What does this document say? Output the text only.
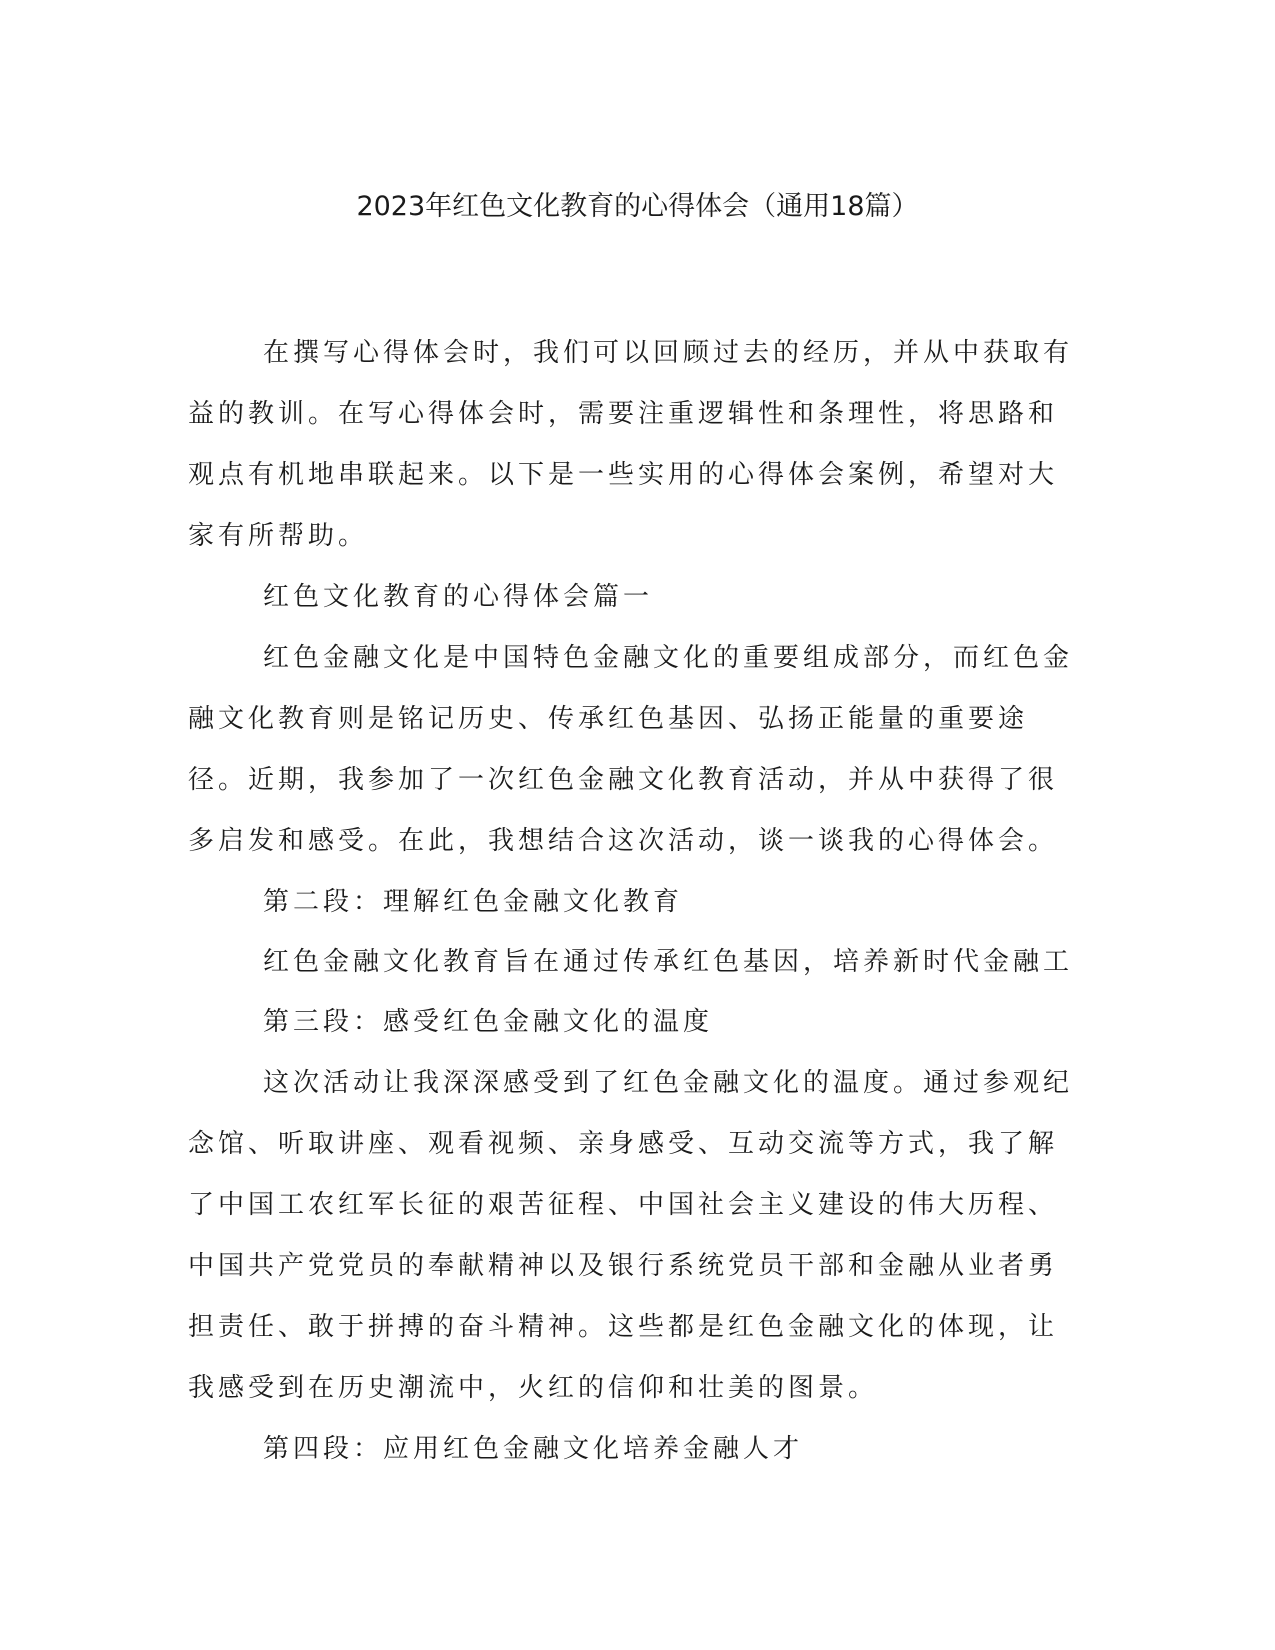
2023年红色文化教育的心得体会（通用18篇）

在撰写心得体会时，我们可以回顾过去的经历，并从中获取有益的教训。在写心得体会时，需要注重逻辑性和条理性，将思路和观点有机地串联起来。以下是一些实用的心得体会案例，希望对大家有所帮助。

红色文化教育的心得体会篇一

红色金融文化是中国特色金融文化的重要组成部分，而红色金融文化教育则是铭记历史、传承红色基因、弘扬正能量的重要途径。近期，我参加了一次红色金融文化教育活动，并从中获得了很多启发和感受。在此，我想结合这次活动，谈一谈我的心得体会。

第二段：理解红色金融文化教育

红色金融文化教育旨在通过传承红色基因，培养新时代金融工

第三段：感受红色金融文化的温度

这次活动让我深深感受到了红色金融文化的温度。通过参观纪念馆、听取讲座、观看视频、亲身感受、互动交流等方式，我了解了中国工农红军长征的艰苦征程、中国社会主义建设的伟大历程、中国共产党党员的奉献精神以及银行系统党员干部和金融从业者勇担责任、敢于拼搏的奋斗精神。这些都是红色金融文化的体现，让我感受到在历史潮流中，火红的信仰和壮美的图景。

第四段：应用红色金融文化培养金融人才
